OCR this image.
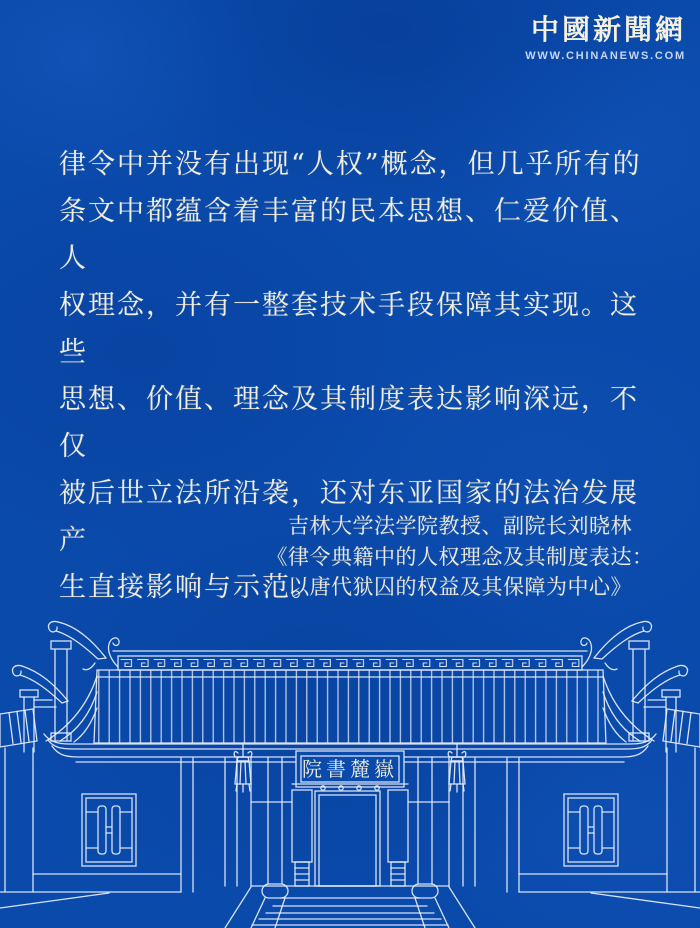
中國新聞網
WWW.CHINANEWS.COM
律令中并没有出现“人权”概念，但几乎所有的
条文中都蕴含着丰富的民本思想、仁爱价值、人
权理念，并有一整套技术手段保障其实现。这些
思想、价值、理念及其制度表达影响深远，不仅
被后世立法所沿袭，还对东亚国家的法治发展产
生直接影响与示范。
吉林大学法学院教授、副院长刘晓林
《律令典籍中的人权理念及其制度表达：
以唐代狱囚的权益及其保障为中心》
院書麓嶽
